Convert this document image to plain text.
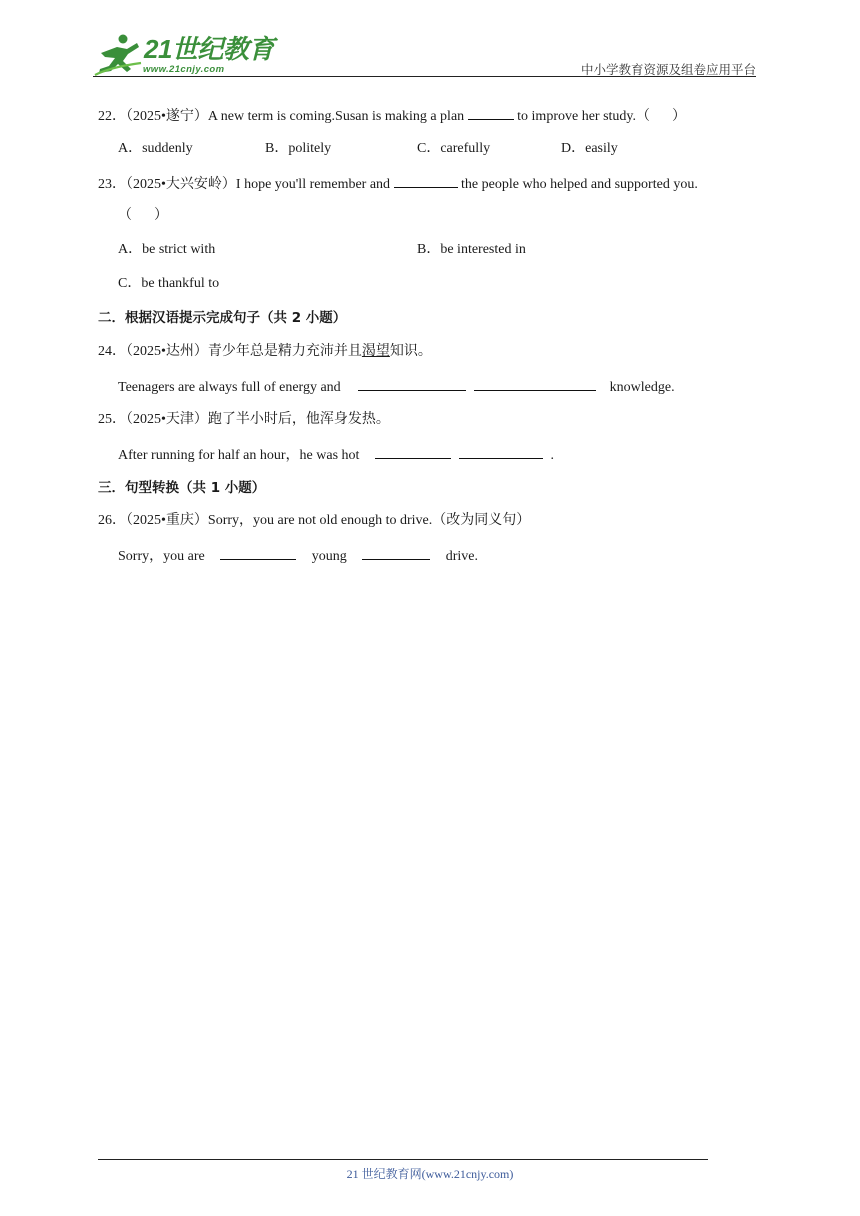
21世纪教育
www.21cnjy.com	中小学教育资源及组卷应用平台
22．（2025•遂宁）A new term is coming.Susan is making a plan	to improve her study.（ ）
A．suddenly	B．politely	C．carefully	D．easily
23．（2025•大兴安岭）I hope you'll remember and	the people who helped and supported you.
（ ）
A．be strict with	B．be interested in
C．be thankful to
二．根据汉语提示完成句子（共 2 小题）
24．（2025•达州）青少年总是精力充沛并且渴望知识。
Teenagers are always full of energy and	knowledge.
25．（2025•天津）跑了半小时后，他浑身发热。
After running for half an hour，he was hot	.
三．句型转换（共 1 小题）
26．（2025•重庆）Sorry，you are not old enough to drive.（改为同义句）
Sorry，you are	young	drive.
21 世纪教育网(www.21cnjy.com)
